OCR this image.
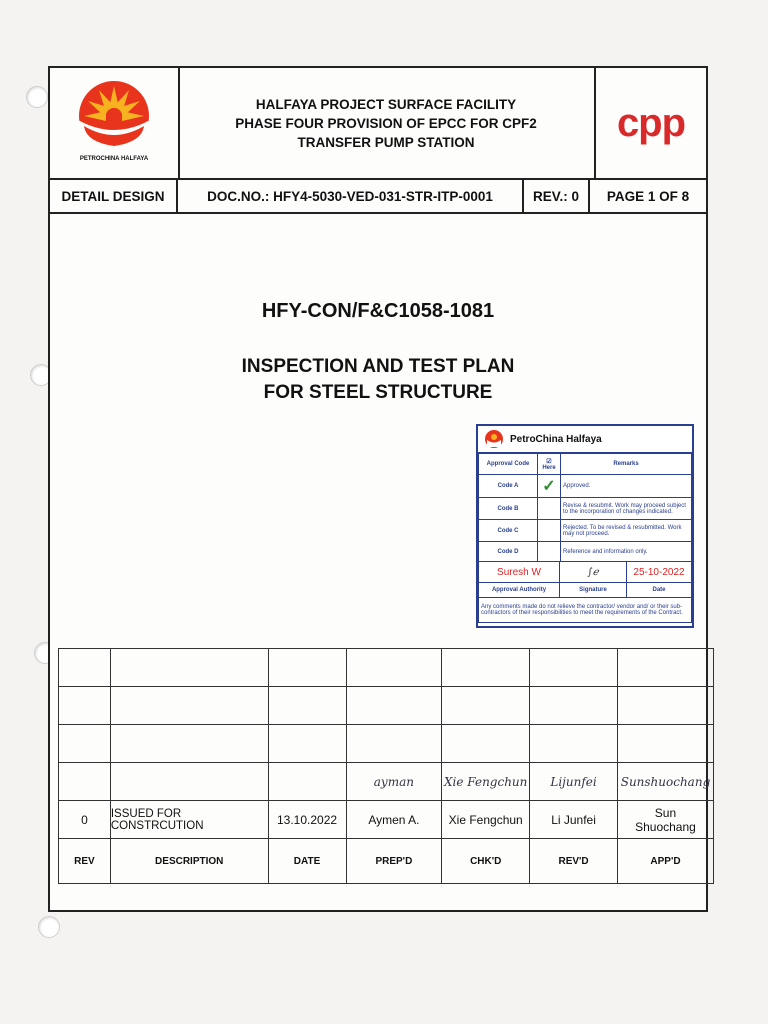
PETROCHINA HALFAYA
HALFAYA PROJECT SURFACE FACILITY
PHASE FOUR PROVISION OF EPCC FOR CPF2
TRANSFER PUMP STATION	cpp
DETAIL DESIGN	DOC.NO.: HFY4-5030-VED-031-STR-ITP-0001	REV.: 0	PAGE 1 OF 8
HFY-CON/F&C1058-1081
INSPECTION AND TEST PLAN
FOR STEEL STRUCTURE
PetroChina Halfaya
Approval Code	☑ Here	Remarks
Code A	✓	Approved.
Code B		Revise & resubmit. Work may proceed subject to the incorporation of changes indicated.
Code C		Rejected. To be revised & resubmitted. Work may not proceed.
Code D		Reference and information only.
Suresh W	∫ℯ	25-10-2022
Approval Authority	Signature	Date
Any comments made do not relieve the contractor/ vendor and/ or their sub-contractors of their responsibilities to meet the requirements of the Contract.		

			ayman	Xie Fengchun	Lijunfei	Sunshuochang
0	ISSUED FOR CONSTRCUTION	13.10.2022	Aymen A.	Xie Fengchun	Li Junfei	Sun Shuochang
REV	DESCRIPTION	DATE	PREP'D	CHK'D	REV'D	APP'D
